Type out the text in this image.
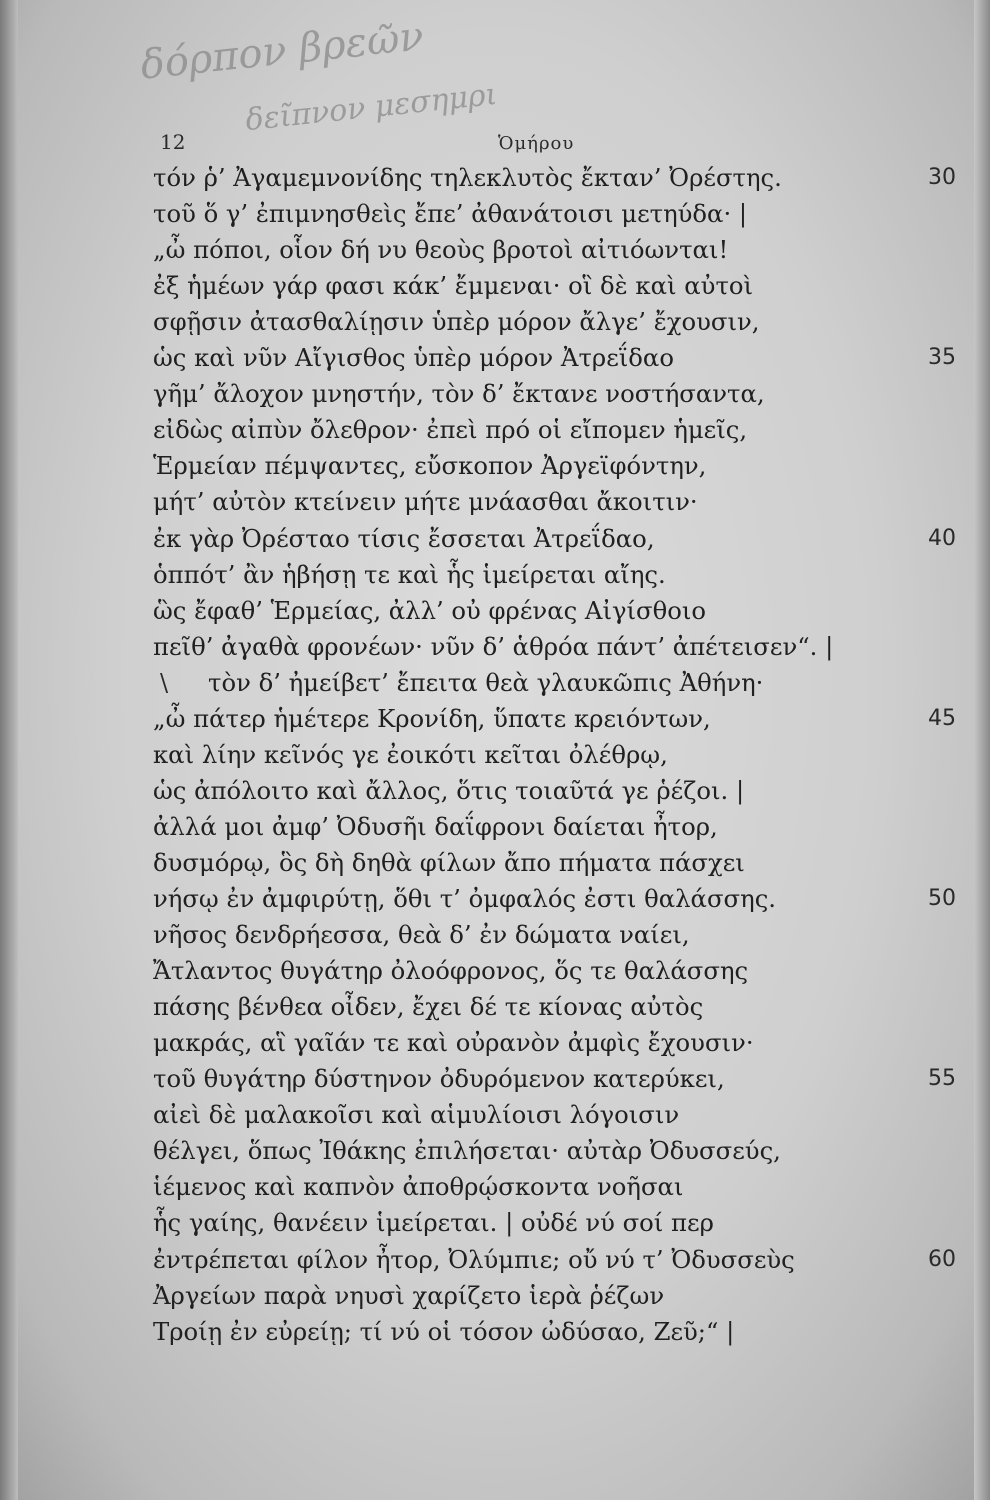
δόρπον βρεῶν
δεῖπνον μεσημρι
12	Ὁμήρου
τόν ῥ’ Ἀγαμεμνονίδης τηλεκλυτὸς ἔκταν’ Ὀρέστης.	30
τοῦ ὅ γ’ ἐπιμνησθεὶς ἔπε’ ἀθανάτοισι μετηύδα· |
„ὦ πόποι, οἷον δή νυ θεοὺς βροτοὶ αἰτιόωνται!
ἐξ ἡμέων γάρ φασι κάκ’ ἔμμεναι· οἳ δὲ καὶ αὐτοὶ
σφῇσιν ἀτασθαλίῃσιν ὑπὲρ μόρον ἄλγε’ ἔχουσιν,
ὡς καὶ νῦν Αἴγισθος ὑπὲρ μόρον Ἀτρεΐδαο	35
γῆμ’ ἄλοχον μνηστήν, τὸν δ’ ἔκτανε νοστήσαντα,
εἰδὼς αἰπὺν ὄλεθρον· ἐπεὶ πρό οἱ εἴπομεν ἡμεῖς,
Ἑρμείαν πέμψαντες, εὔσκοπον Ἀργεϊφόντην,
μήτ’ αὐτὸν κτείνειν μήτε μνάασθαι ἄκοιτιν·
ἐκ γὰρ Ὀρέσταο τίσις ἔσσεται Ἀτρεΐδαο,	40
ὁππότ’ ἂν ἡβήσῃ τε καὶ ἧς ἱμείρεται αἴης.
ὣς ἔφαθ’ Ἑρμείας, ἀλλ’ οὐ φρένας Αἰγίσθοιο
πεῖθ’ ἀγαθὰ φρονέων· νῦν δ’ ἁθρόα πάντ’ ἀπέτεισεν“. |
τὸν δ’ ἠμείβετ’ ἔπειτα θεὰ γλαυκῶπις Ἀθήνη·
\
„ὦ πάτερ ἡμέτερε Κρονίδη, ὕπατε κρειόντων,	45
καὶ λίην κεῖνός γε ἐοικότι κεῖται ὀλέθρῳ,
ὡς ἀπόλοιτο καὶ ἄλλος, ὅτις τοιαῦτά γε ῥέζοι. |
ἀλλά μοι ἀμφ’ Ὀδυσῆι δαΐφρονι δαίεται ἦτορ,
δυσμόρῳ, ὃς δὴ δηθὰ φίλων ἄπο πήματα πάσχει
νήσῳ ἐν ἀμφιρύτῃ, ὅθι τ’ ὀμφαλός ἐστι θαλάσσης.	50
νῆσος δενδρήεσσα, θεὰ δ’ ἐν δώματα ναίει,
Ἄτλαντος θυγάτηρ ὀλοόφρονος, ὅς τε θαλάσσης
πάσης βένθεα οἶδεν, ἔχει δέ τε κίονας αὐτὸς
μακράς, αἳ γαῖάν τε καὶ οὐρανὸν ἀμφὶς ἔχουσιν·
τοῦ θυγάτηρ δύστηνον ὀδυρόμενον κατερύκει,	55
αἰεὶ δὲ μαλακοῖσι καὶ αἱμυλίοισι λόγοισιν
θέλγει, ὅπως Ἰθάκης ἐπιλήσεται· αὐτὰρ Ὀδυσσεύς,
ἱέμενος καὶ καπνὸν ἀποθρῴσκοντα νοῆσαι
ἧς γαίης, θανέειν ἱμείρεται. | οὐδέ νύ σοί περ
ἐντρέπεται φίλον ἦτορ, Ὀλύμπιε; οὔ νύ τ’ Ὀδυσσεὺς	60
Ἀργείων παρὰ νηυσὶ χαρίζετο ἱερὰ ῥέζων
Τροίῃ ἐν εὐρείῃ; τί νύ οἱ τόσον ὠδύσαο, Ζεῦ;“ |
